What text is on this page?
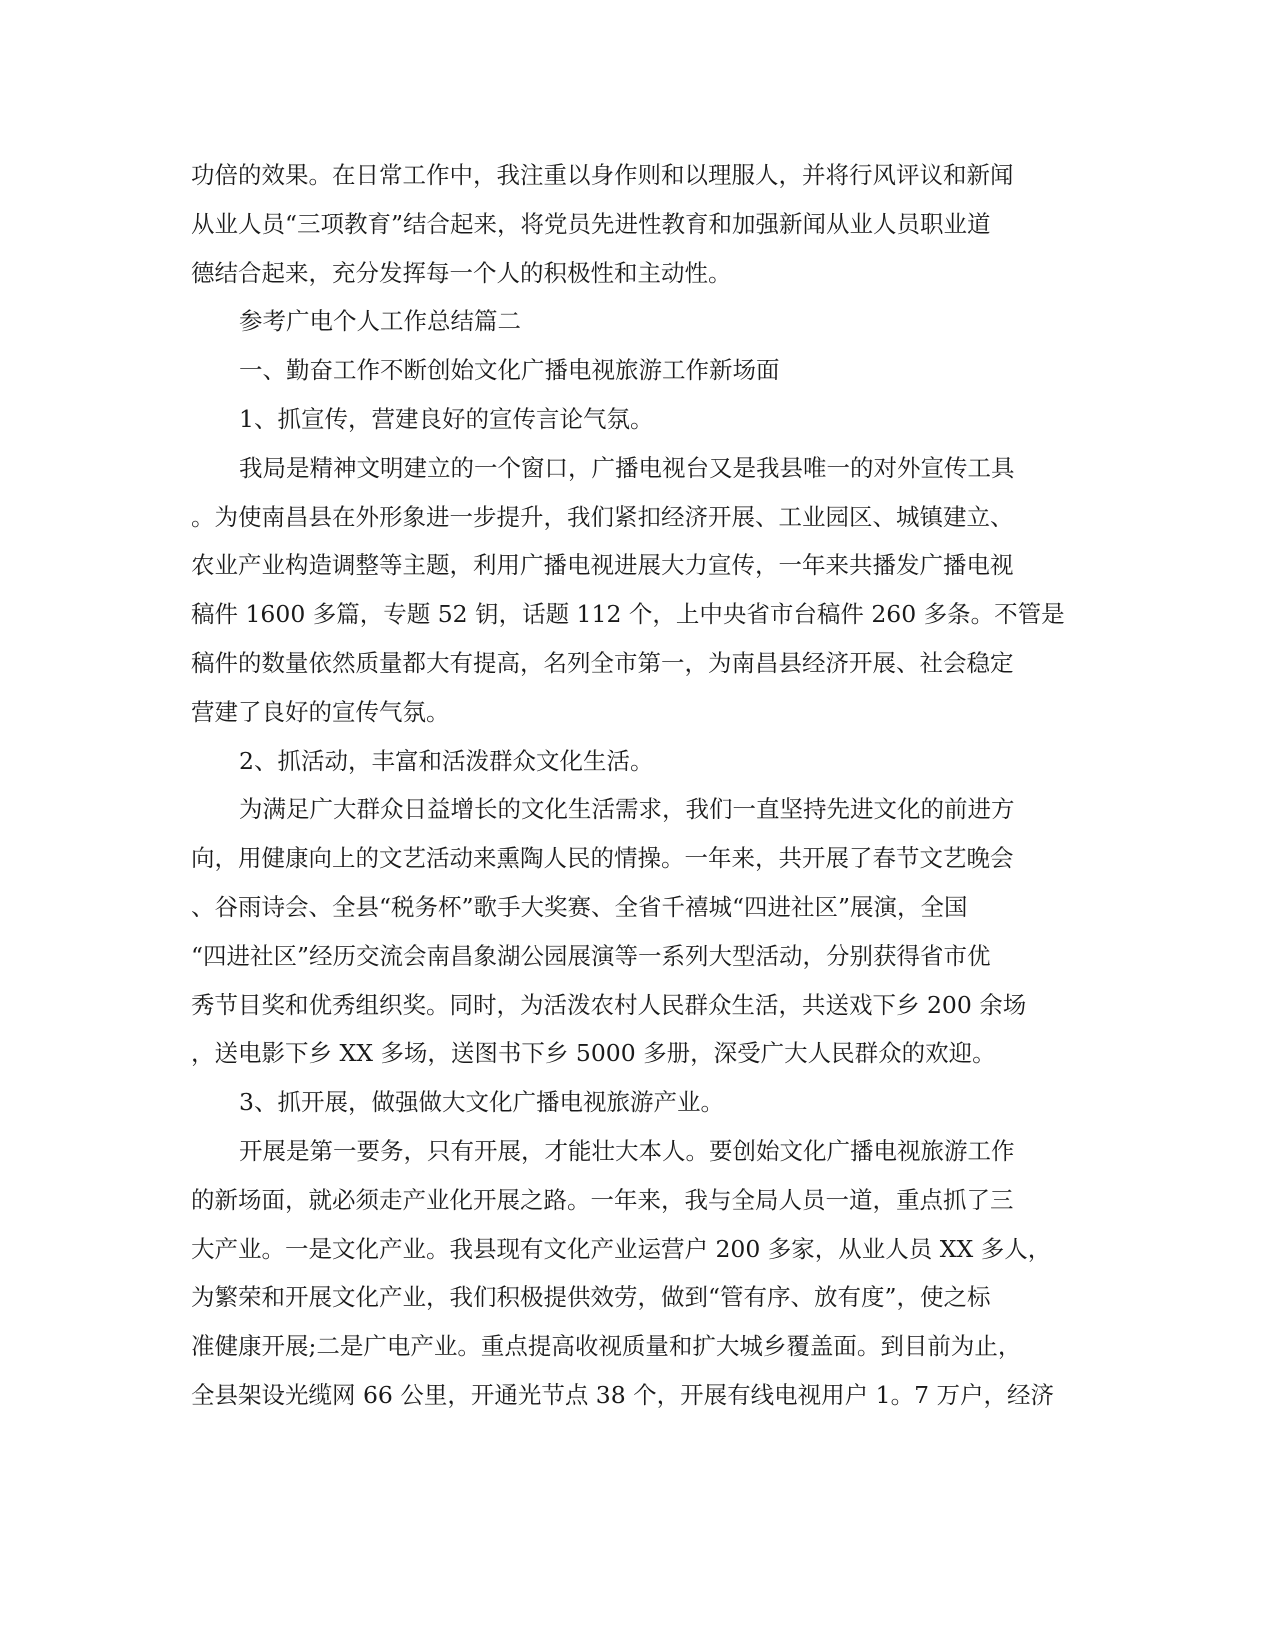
功倍的效果。在日常工作中，我注重以身作则和以理服人，并将行风评议和新闻
从业人员“三项教育”结合起来，将党员先进性教育和加强新闻从业人员职业道
德结合起来，充分发挥每一个人的积极性和主动性。
参考广电个人工作总结篇二
一、勤奋工作不断创始文化广播电视旅游工作新场面
1、抓宣传，营建良好的宣传言论气氛。
我局是精神文明建立的一个窗口，广播电视台又是我县唯一的对外宣传工具
。为使南昌县在外形象进一步提升，我们紧扣经济开展、工业园区、城镇建立、
农业产业构造调整等主题，利用广播电视进展大力宣传，一年来共播发广播电视
稿件 1600 多篇，专题 52 钥，话题 112 个，上中央省市台稿件 260 多条。不管是
稿件的数量依然质量都大有提高，名列全市第一，为南昌县经济开展、社会稳定
营建了良好的宣传气氛。
2、抓活动，丰富和活泼群众文化生活。
为满足广大群众日益增长的文化生活需求，我们一直坚持先进文化的前进方
向，用健康向上的文艺活动来熏陶人民的情操。一年来，共开展了春节文艺晚会
、谷雨诗会、全县“税务杯”歌手大奖赛、全省千禧城“四进社区”展演，全国
“四进社区”经历交流会南昌象湖公园展演等一系列大型活动，分别获得省市优
秀节目奖和优秀组织奖。同时，为活泼农村人民群众生活，共送戏下乡 200 余场
，送电影下乡 XX 多场，送图书下乡 5000 多册，深受广大人民群众的欢迎。
3、抓开展，做强做大文化广播电视旅游产业。
开展是第一要务，只有开展，才能壮大本人。要创始文化广播电视旅游工作
的新场面，就必须走产业化开展之路。一年来，我与全局人员一道，重点抓了三
大产业。一是文化产业。我县现有文化产业运营户 200 多家，从业人员 XX 多人，
为繁荣和开展文化产业，我们积极提供效劳，做到“管有序、放有度”，使之标
准健康开展;二是广电产业。重点提高收视质量和扩大城乡覆盖面。到目前为止，
全县架设光缆网 66 公里，开通光节点 38 个，开展有线电视用户 1。7 万户，经济
